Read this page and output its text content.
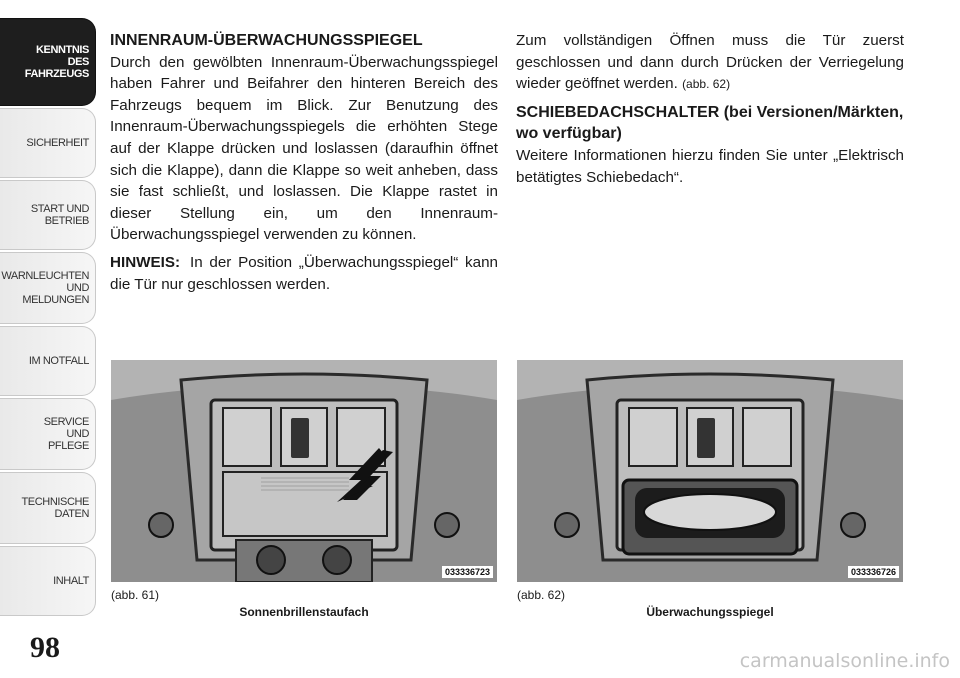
KENNTNIS
DES
FAHRZEUGS
SICHERHEIT
START UND
BETRIEB
WARNLEUCHTEN
UND
MELDUNGEN
IM NOTFALL
SERVICE
UND
PFLEGE
TECHNISCHE
DATEN
INHALT
98
INNENRAUM-ÜBERWACHUNGSSPIEGEL

Durch den gewölbten Innenraum-Überwachungsspiegel haben Fahrer und Beifahrer den hinteren Bereich des Fahrzeugs bequem im Blick. Zur Benutzung des Innenraum-Überwachungsspiegels die erhöhten Stege auf der Klappe drücken und loslassen (daraufhin öffnet sich die Klappe), dann die Klappe so weit anheben, dass sie fast schließt, und loslassen. Die Klappe rastet in dieser Stellung ein, um den Innenraum-Überwachungsspiegel verwenden zu können.

HINWEIS: In der Position „Überwachungsspiegel“ kann die Tür nur geschlossen werden.

Zum vollständigen Öffnen muss die Tür zuerst geschlossen und dann durch Drücken der Verriegelung wieder geöffnet werden. (abb. 62)

SCHIEBEDACHSCHALTER (bei Versionen/Märkten, wo verfügbar)

Weitere Informationen hierzu finden Sie unter „Elektrisch betätigtes Schiebedach“.

033336723
(abb. 61)
Sonnenbrillenstaufach
033336726
(abb. 62)
Überwachungsspiegel
carmanualsonline.info
